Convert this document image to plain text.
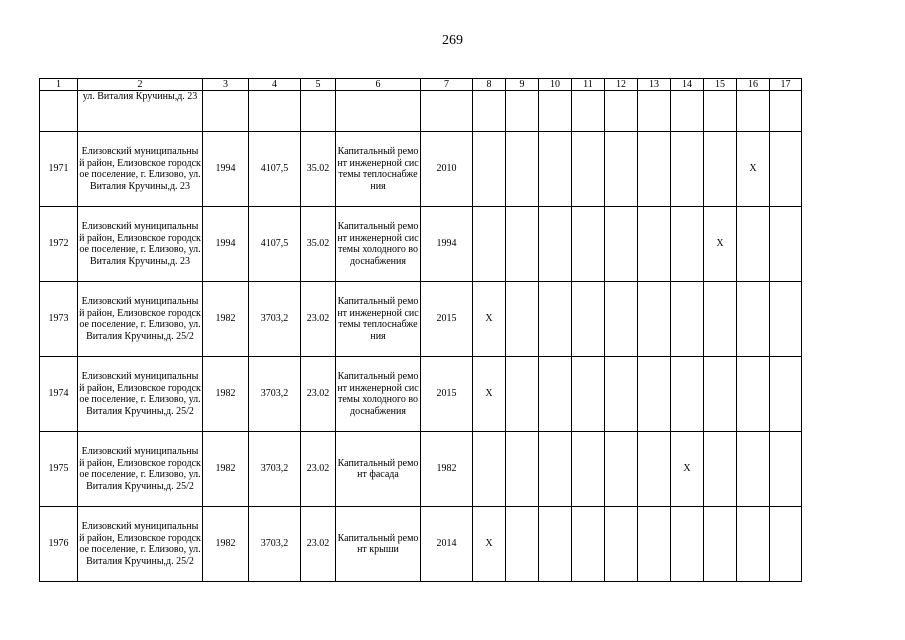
269
1	2	3	4	5	6	7	8	9	10	11	12	13	14	15	16	17
	ул. Виталия Кручины,д. 23															
1971	Елизовский муниципальный район, Елизовское городское поселение, г. Елизово, ул. Виталия Кручины,д. 23	1994	4107,5	35.02	Капитальный ремонт инженерной системы теплоснабжения	2010									X	
1972	Елизовский муниципальный район, Елизовское городское поселение, г. Елизово, ул. Виталия Кручины,д. 23	1994	4107,5	35.02	Капитальный ремонт инженерной системы холодного водоснабжения	1994								X		
1973	Елизовский муниципальный район, Елизовское городское поселение, г. Елизово, ул. Виталия Кручины,д. 25/2	1982	3703,2	23.02	Капитальный ремонт инженерной системы теплоснабжения	2015	X									
1974	Елизовский муниципальный район, Елизовское городское поселение, г. Елизово, ул. Виталия Кручины,д. 25/2	1982	3703,2	23.02	Капитальный ремонт инженерной системы холодного водоснабжения	2015	X									
1975	Елизовский муниципальный район, Елизовское городское поселение, г. Елизово, ул. Виталия Кручины,д. 25/2	1982	3703,2	23.02	Капитальный ремонт фасада	1982							X			
1976	Елизовский муниципальный район, Елизовское городское поселение, г. Елизово, ул. Виталия Кручины,д. 25/2	1982	3703,2	23.02	Капитальный ремонт крыши	2014	X									
